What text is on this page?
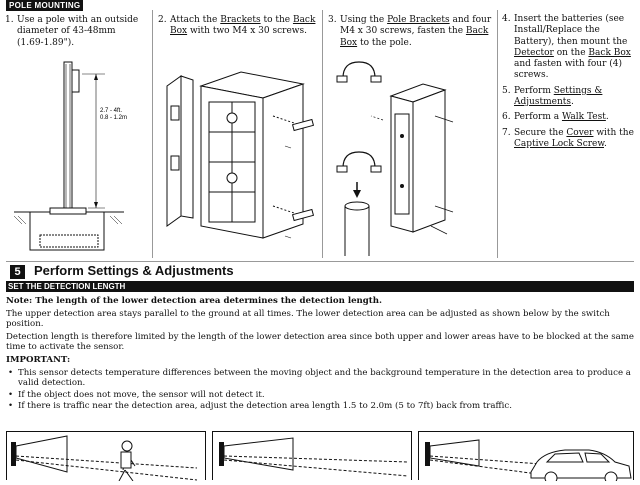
POLE MOUNTING
1. Use a pole with an outside diameter of 43-48mm (1.69-1.89").
2.7 - 4ft.
0.8 - 1.2m
2. Attach the Brackets to the Back Box with two M4 x 30 screws.
3. Using the Pole Brackets and four M4 x 30 screws, fasten the Back Box to the pole.
4. Insert the batteries (see Install/Replace the Battery), then mount the Detector on the Back Box and fasten with four (4) screws.
5. Perform Settings & Adjustments.
6. Perform a Walk Test.
7. Secure the Cover with the Captive Lock Screw.
5	Perform Settings & Adjustments
SET THE DETECTION LENGTH

Note: The length of the lower detection area determines the detection length.

The upper detection area stays parallel to the ground at all times. The lower detection area can be adjusted as shown below by the switch position.

Detection length is therefore limited by the length of the lower detection area since both upper and lower areas have to be blocked at the same time to activate the sensor.

IMPORTANT:

• This sensor detects temperature differences between the moving object and the background temperature in the detection area to produce a valid detection.
• If the object does not move, the sensor will not detect it.
• If there is traffic near the detection area, adjust the detection area length 1.5 to 2.0m (5 to 7ft) back from traffic.
